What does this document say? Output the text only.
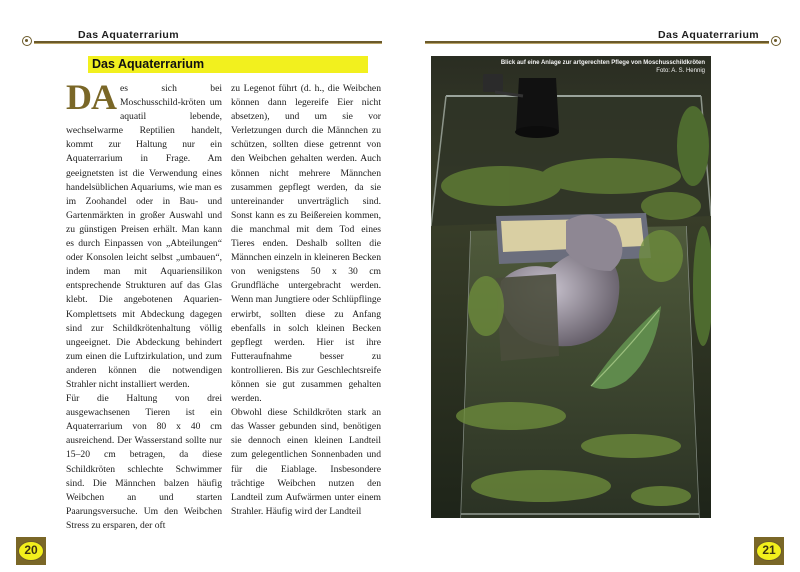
Das Aquaterrarium
Das Aquaterrarium

DA es sich bei Moschusschild-kröten um aquatil lebende, wechselwarme Reptilien handelt, kommt zur Haltung nur ein Aquaterrarium in Frage. Am geeignetsten ist die Verwendung eines handelsüblichen Aquariums, wie man es im Zoohandel oder in Bau- und Gartenmärkten in großer Auswahl und zu günstigen Preisen erhält. Man kann es durch Einpassen von „Abteilungen“ oder Konsolen leicht selbst „umbauen“, indem man mit Aquariensilikon entsprechende Strukturen auf das Glas klebt. Die angebotenen Aquarien-Komplettsets mit Abdeckung dagegen sind zur Schildkrötenhaltung völlig ungeeignet. Die Abdeckung behindert zum einen die Luftzirkulation, und zum anderen können die notwendigen Strahler nicht installiert werden.

Für die Haltung von drei ausgewachsenen Tieren ist ein Aquaterrarium von 80 x 40 cm ausreichend. Der Wasserstand sollte nur 15–20 cm betragen, da diese Schildkröten schlechte Schwimmer sind. Die Männchen balzen häufig Weibchen an und starten Paarungsversuche. Um den Weibchen Stress zu ersparen, der oft

zu Legenot führt (d. h., die Weibchen können dann legereife Eier nicht absetzen), und um sie vor Verletzungen durch die Männchen zu schützen, sollten diese getrennt von den Weibchen gehalten werden. Auch können nicht mehrere Männchen zusammen gepflegt werden, da sie untereinander unverträglich sind. Sonst kann es zu Beißereien kommen, die manchmal mit dem Tod eines Tieres enden. Deshalb sollten die Männchen einzeln in kleineren Becken von wenigstens 50 x 30 cm Grundfläche untergebracht werden. Wenn man Jungtiere oder Schlüpflinge erwirbt, sollten diese zu Anfang ebenfalls in solch kleinen Becken gepflegt werden. Hier ist ihre Futteraufnahme besser zu kontrollieren. Bis zur Geschlechtsreife können sie gut zusammen gehalten werden.

Obwohl diese Schildkröten stark an das Wasser gebunden sind, benötigen sie dennoch einen kleinen Landteil zum gelegentlichen Sonnenbaden und für die Eiablage. Insbesondere trächtige Weibchen nutzen den Landteil zum Aufwärmen unter einem Strahler. Häufig wird der Landteil

20
Das Aquaterrarium
Blick auf eine Anlage zur artgerechten Pflege von Moschusschildkröten
Foto: A. S. Hennig
21
